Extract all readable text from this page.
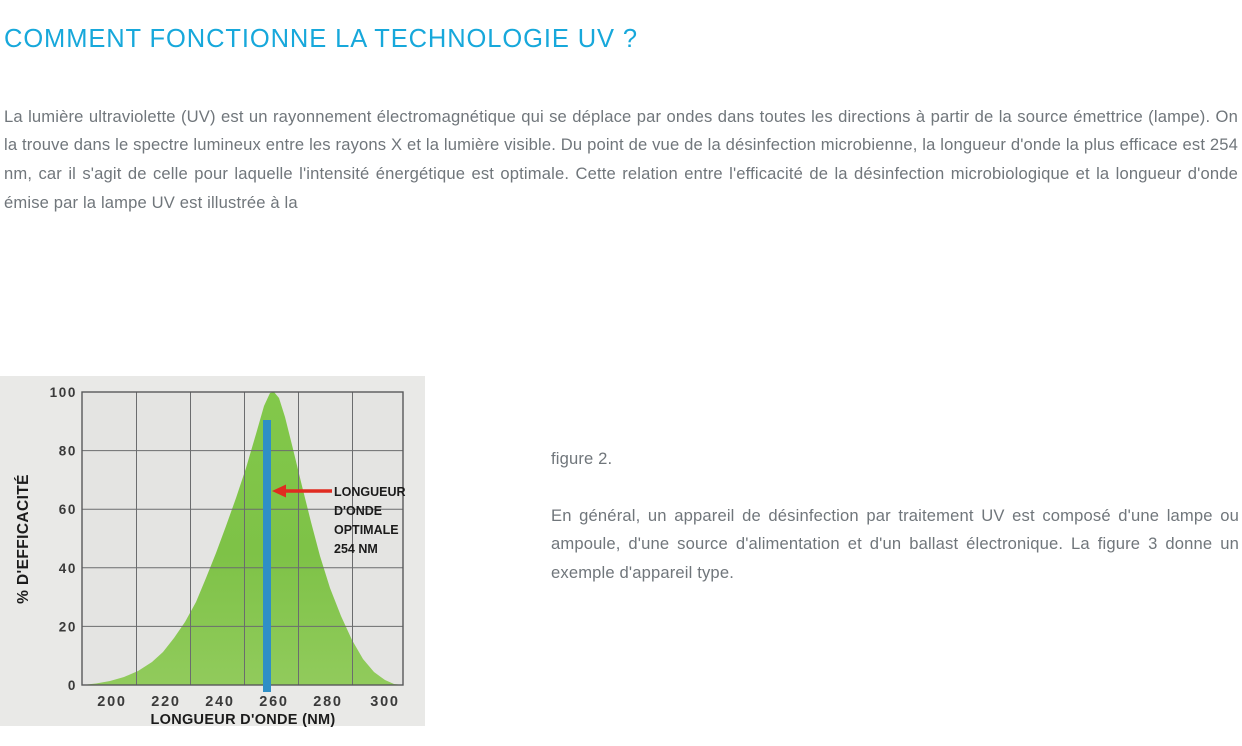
COMMENT FONCTIONNE LA TECHNOLOGIE UV ?

La lumière ultraviolette (UV) est un rayonnement électromagnétique qui se déplace par ondes dans toutes les directions à partir de la source émettrice (lampe). On la trouve dans le spectre lumineux entre les rayons X et la lumière visible. Du point de vue de la désinfection microbienne, la longueur d'onde la plus efficace est 254 nm, car il s'agit de celle pour laquelle l'intensité énergétique est optimale. Cette relation entre l'efficacité de la désinfection microbiologique et la longueur d'onde émise par la lampe UV est illustrée à la

LONGUEUR
D'ONDE
OPTIMALE
254 NM
100
80
60
40
20
0
% D'EFFICACITÉ
200 220 240 260 280 300
LONGUEUR D'ONDE (NM)
figure 2.

En général, un appareil de désinfection par traitement UV est composé d'une lampe ou ampoule, d'une source d'alimentation et d'un ballast électronique. La figure 3 donne un exemple d'appareil type.
